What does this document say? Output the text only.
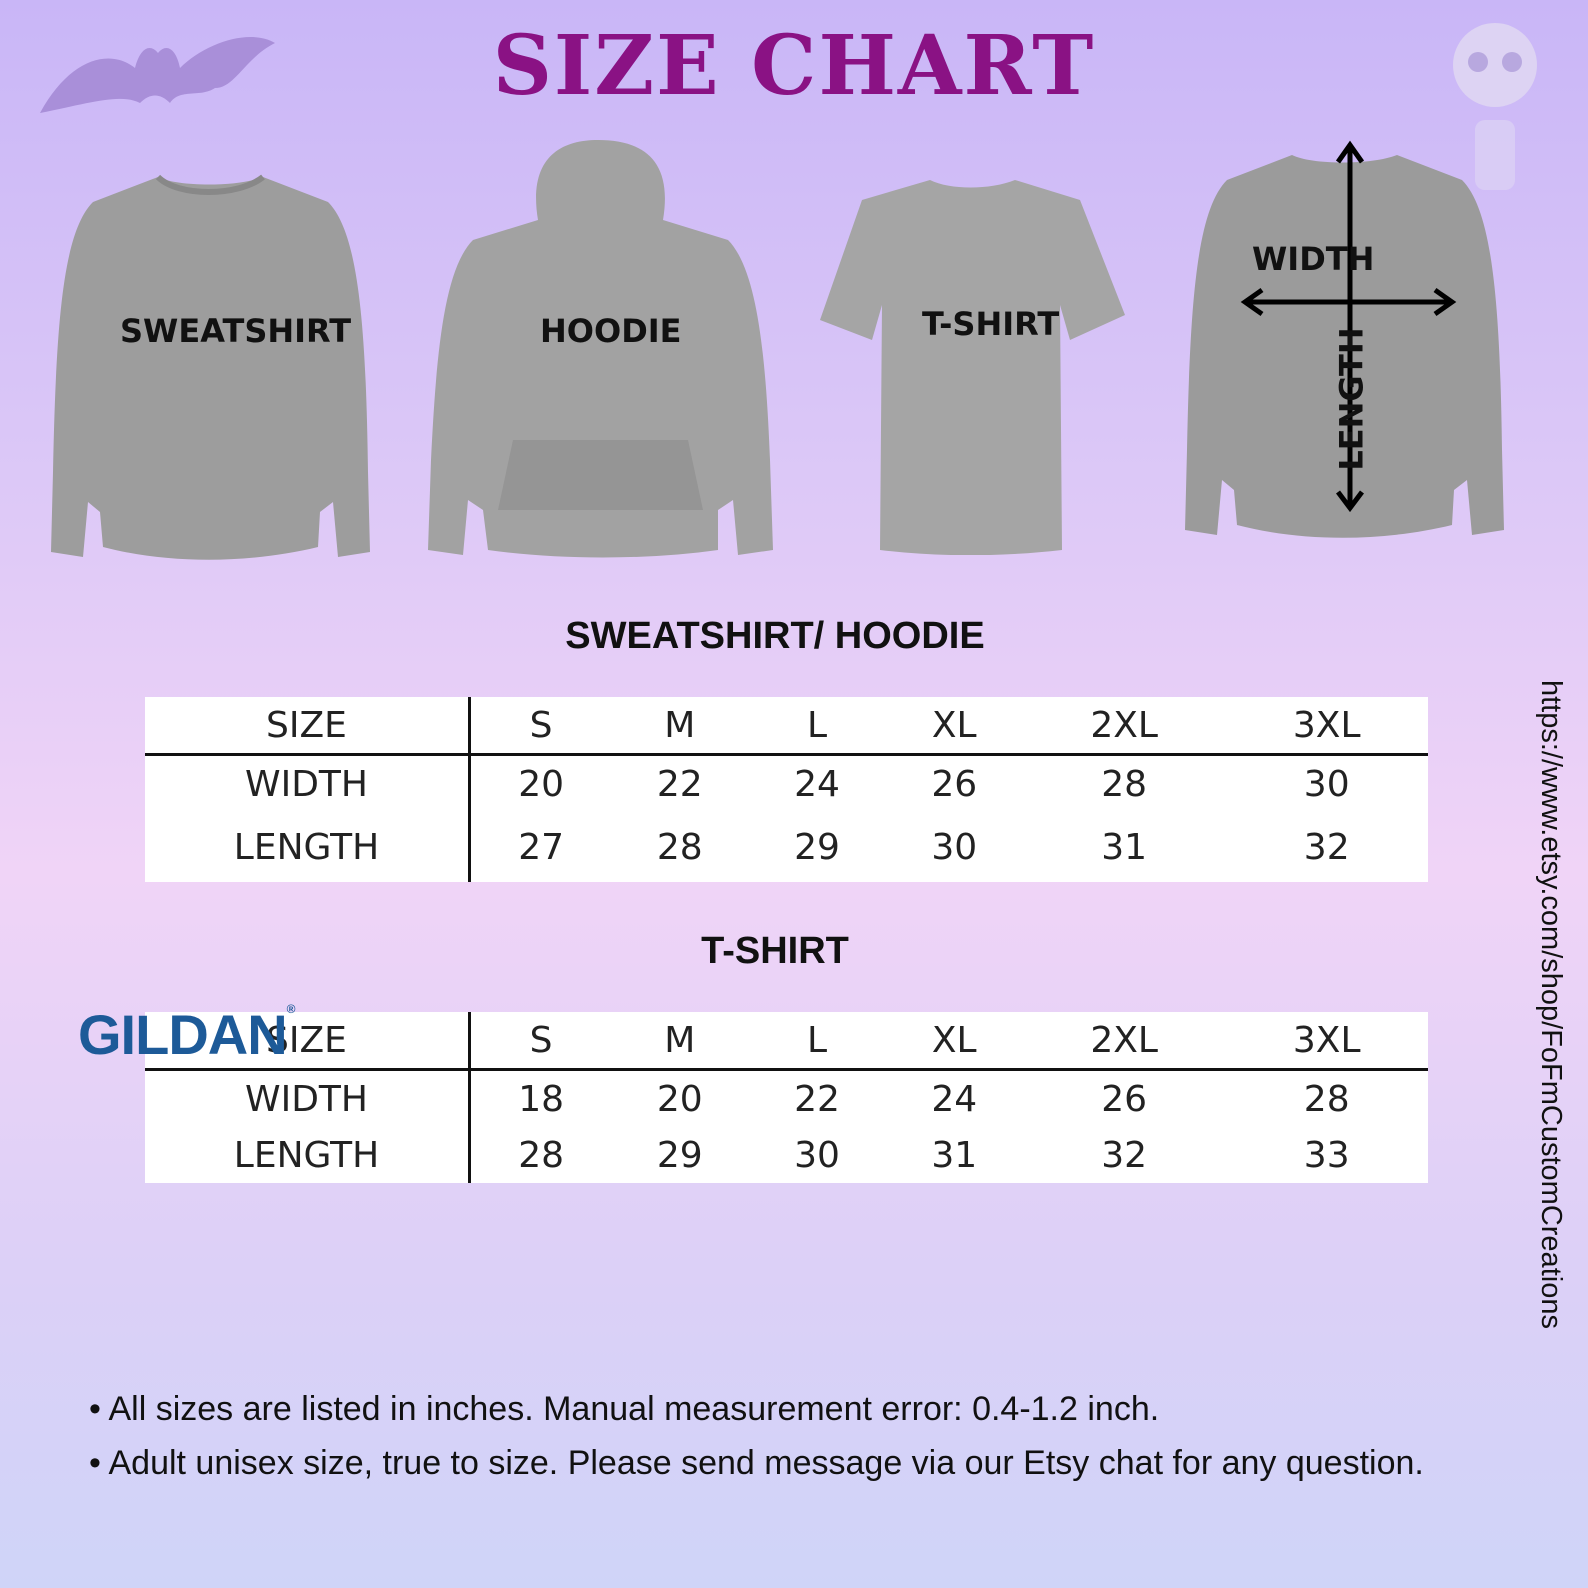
SIZE CHART
SWEATSHIRT	HOODIE	T-SHIRT
WIDTH
LENGTH
SWEATSHIRT/ HOODIE
SIZE	S	M	L	XL	2XL	3XL
WIDTH	20	22	24	26	28	30
LENGTH	27	28	29	30	31	32
T-SHIRT
SIZE	S	M	L	XL	2XL	3XL
WIDTH	18	20	22	24	26	28
LENGTH	28	29	30	31	32	33
GILDAN®
• All sizes are listed in inches. Manual measurement error: 0.4-1.2 inch.
• Adult unisex size, true to size. Please send message via our Etsy chat for any question.
https://www.etsy.com/shop/FoFmCustomCreations
